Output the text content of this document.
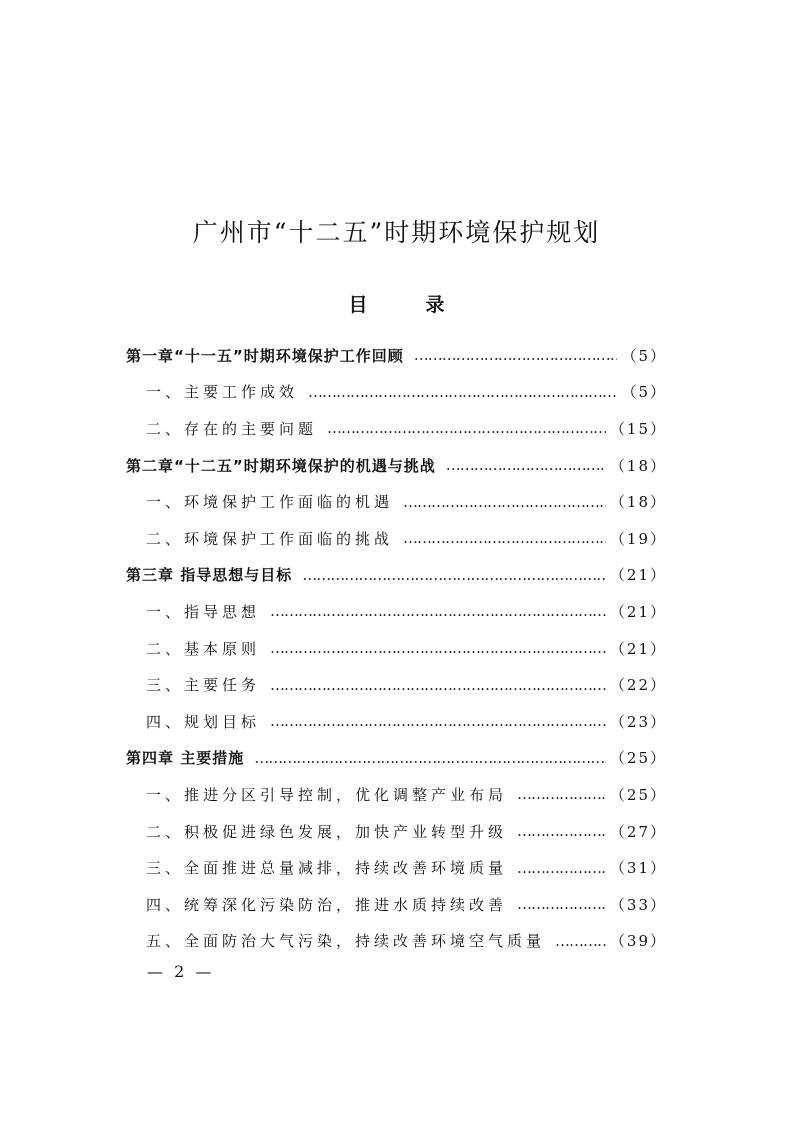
广州市“十二五”时期环境保护规划
目	录
第一章“十一五”时期环境保护工作回顾 ……………………………………………………………………………………………………………………………………	（5）
一、主要工作成效 ……………………………………………………………………………………………………………………………………	（5）
二、存在的主要问题 ……………………………………………………………………………………………………………………………………	（15）
第二章“十二五”时期环境保护的机遇与挑战 ……………………………………………………………………………………………………………………………………	（18）
一、环境保护工作面临的机遇 ……………………………………………………………………………………………………………………………………	（18）
二、环境保护工作面临的挑战 ……………………………………………………………………………………………………………………………………	（19）
第三章 指导思想与目标 ……………………………………………………………………………………………………………………………………	（21）
一、指导思想 ……………………………………………………………………………………………………………………………………	（21）
二、基本原则 ……………………………………………………………………………………………………………………………………	（21）
三、主要任务 ……………………………………………………………………………………………………………………………………	（22）
四、规划目标 ……………………………………………………………………………………………………………………………………	（23）
第四章 主要措施 ……………………………………………………………………………………………………………………………………	（25）
一、推进分区引导控制，优化调整产业布局 ……………………………………………………………………………………………………………………………………	（25）
二、积极促进绿色发展，加快产业转型升级 ……………………………………………………………………………………………………………………………………	（27）
三、全面推进总量减排，持续改善环境质量 ……………………………………………………………………………………………………………………………………	（31）
四、统筹深化污染防治，推进水质持续改善 ……………………………………………………………………………………………………………………………………	（33）
五、全面防治大气污染，持续改善环境空气质量 ……………………………………………………………………………………………………………………………………	（39）
— 2 —
